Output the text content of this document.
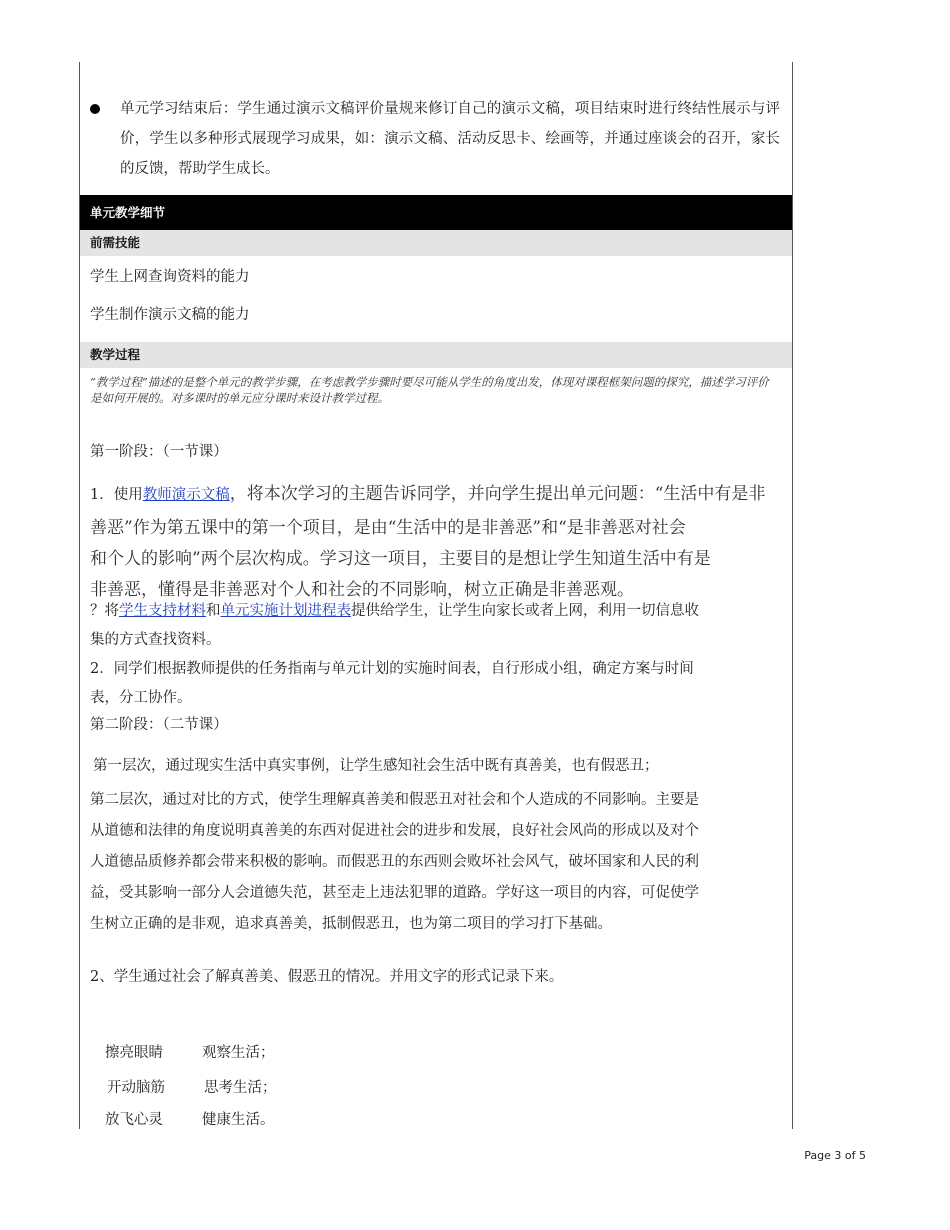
单元学习结束后：学生通过演示文稿评价量规来修订自己的演示文稿，项目结束时进行终结性展示与评价，学生以多种形式展现学习成果，如：演示文稿、活动反思卡、绘画等，并通过座谈会的召开，家长的反馈，帮助学生成长。
单元教学细节
前需技能
学生上网查询资料的能力
学生制作演示文稿的能力
教学过程
“教学过程”描述的是整个单元的教学步骤，在考虑教学步骤时要尽可能从学生的角度出发，体现对课程框架问题的探究，描述学习评价是如何开展的。对多课时的单元应分课时来设计教学过程。
第一阶段：（一节课）
1．使用教师演示文稿，将本次学习的主题告诉同学，并向学生提出单元问题：“生活中有是非
善恶”作为第五课中的第一个项目，是由“生活中的是非善恶”和“是非善恶对社会
和个人的影响”两个层次构成。学习这一项目，主要目的是想让学生知道生活中有是
非善恶，懂得是非善恶对个人和社会的不同影响，树立正确是非善恶观。
？将学生支持材料和单元实施计划进程表提供给学生，让学生向家长或者上网，利用一切信息收
集的方式查找资料。
2．同学们根据教师提供的任务指南与单元计划的实施时间表，自行形成小组，确定方案与时间
表，分工协作。
第二阶段：（二节课）
第一层次，通过现实生活中真实事例，让学生感知社会生活中既有真善美，也有假恶丑；
第二层次，通过对比的方式，使学生理解真善美和假恶丑对社会和个人造成的不同影响。主要是
从道德和法律的角度说明真善美的东西对促进社会的进步和发展，良好社会风尚的形成以及对个
人道德品质修养都会带来积极的影响。而假恶丑的东西则会败坏社会风气，破坏国家和人民的利
益，受其影响一部分人会道德失范，甚至走上违法犯罪的道路。学好这一项目的内容，可促使学
生树立正确的是非观，追求真善美，抵制假恶丑，也为第二项目的学习打下基础。
2、学生通过社会了解真善美、假恶丑的情况。并用文字的形式记录下来。
擦亮眼睛	观察生活；
开动脑筋	思考生活；
放飞心灵	健康生活。
Page 3 of 5
